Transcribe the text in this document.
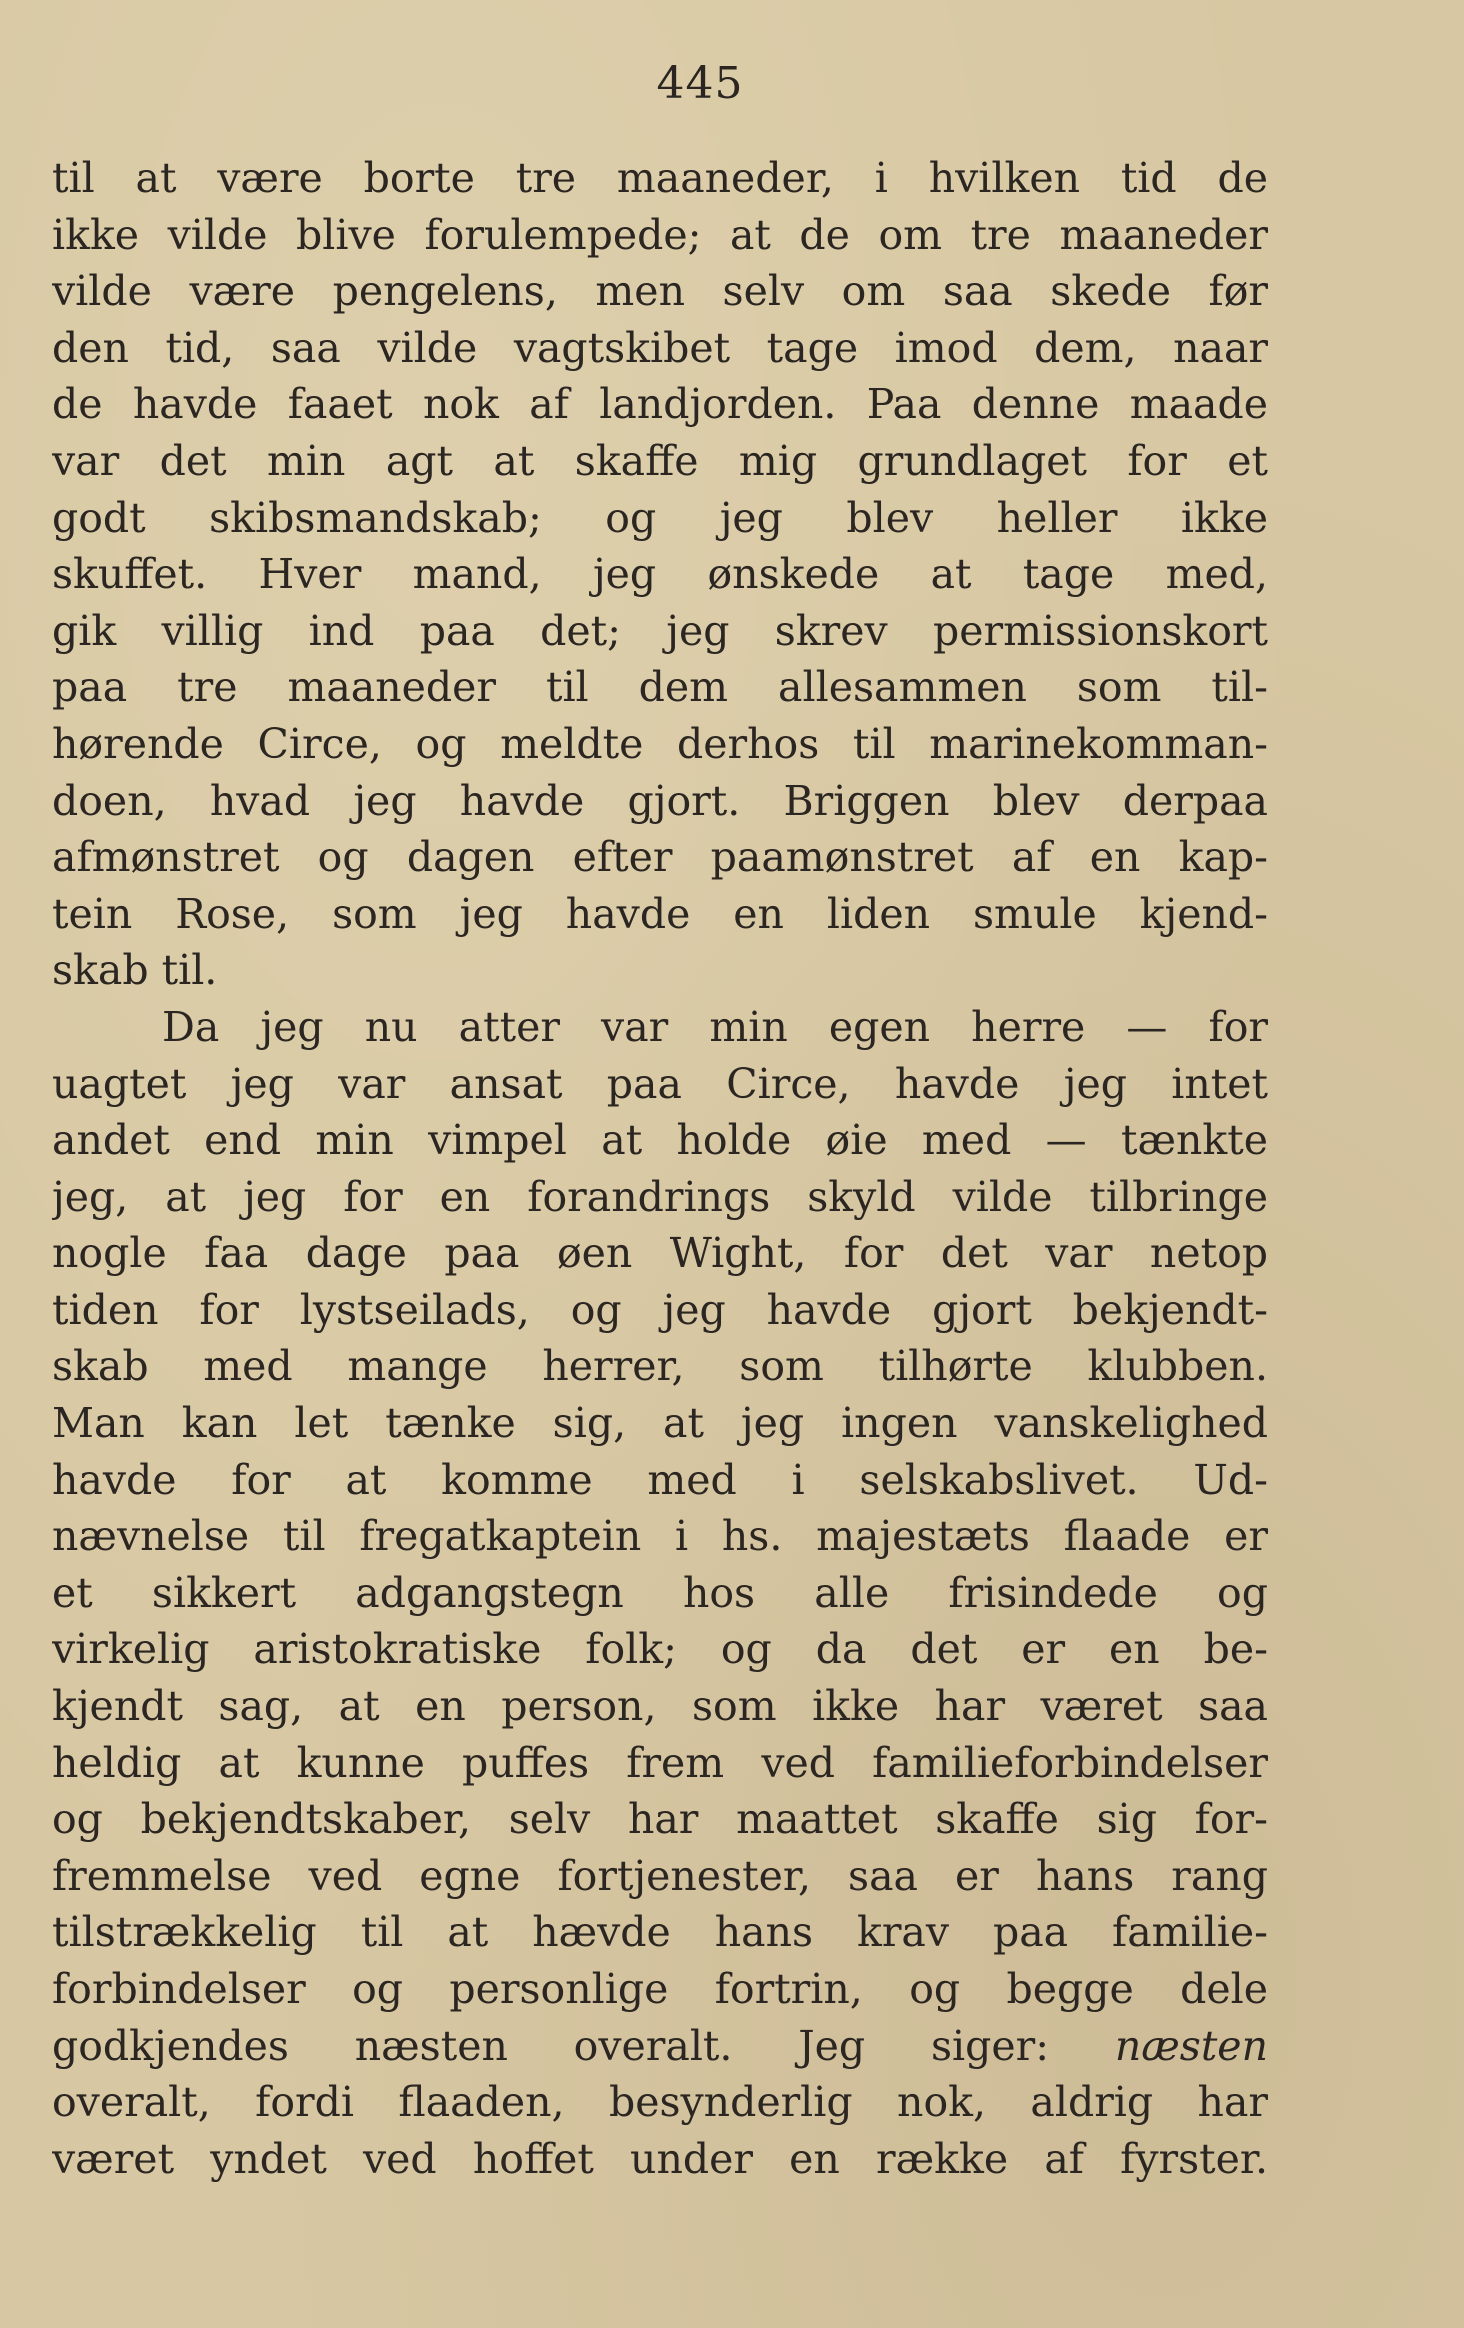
445
til at være borte tre maaneder, i hvilken tid de
ikke vilde blive forulempede; at de om tre maaneder
vilde være pengelens, men selv om saa skede før
den tid, saa vilde vagtskibet tage imod dem, naar
de havde faaet nok af landjorden. Paa denne maade
var det min agt at skaffe mig grundlaget for et
godt skibsmandskab; og jeg blev heller ikke
skuffet. Hver mand, jeg ønskede at tage med,
gik villig ind paa det; jeg skrev permissionskort
paa tre maaneder til dem allesammen som til-
hørende Circe, og meldte derhos til marinekomman-
doen, hvad jeg havde gjort. Briggen blev derpaa
afmønstret og dagen efter paamønstret af en kap-
tein Rose, som jeg havde en liden smule kjend-
skab til.
Da jeg nu atter var min egen herre — for
uagtet jeg var ansat paa Circe, havde jeg intet
andet end min vimpel at holde øie med — tænkte
jeg, at jeg for en forandrings skyld vilde tilbringe
nogle faa dage paa øen Wight, for det var netop
tiden for lystseilads, og jeg havde gjort bekjendt-
skab med mange herrer, som tilhørte klubben.
Man kan let tænke sig, at jeg ingen vanskelighed
havde for at komme med i selskabslivet. Ud-
nævnelse til fregatkaptein i hs. majestæts flaade er
et sikkert adgangstegn hos alle frisindede og
virkelig aristokratiske folk; og da det er en be-
kjendt sag, at en person, som ikke har været saa
heldig at kunne puffes frem ved familieforbindelser
og bekjendtskaber, selv har maattet skaffe sig for-
fremmelse ved egne fortjenester, saa er hans rang
tilstrækkelig til at hævde hans krav paa familie-
forbindelser og personlige fortrin, og begge dele
godkjendes næsten overalt. Jeg siger: næsten
overalt, fordi flaaden, besynderlig nok, aldrig har
været yndet ved hoffet under en række af fyrster.
